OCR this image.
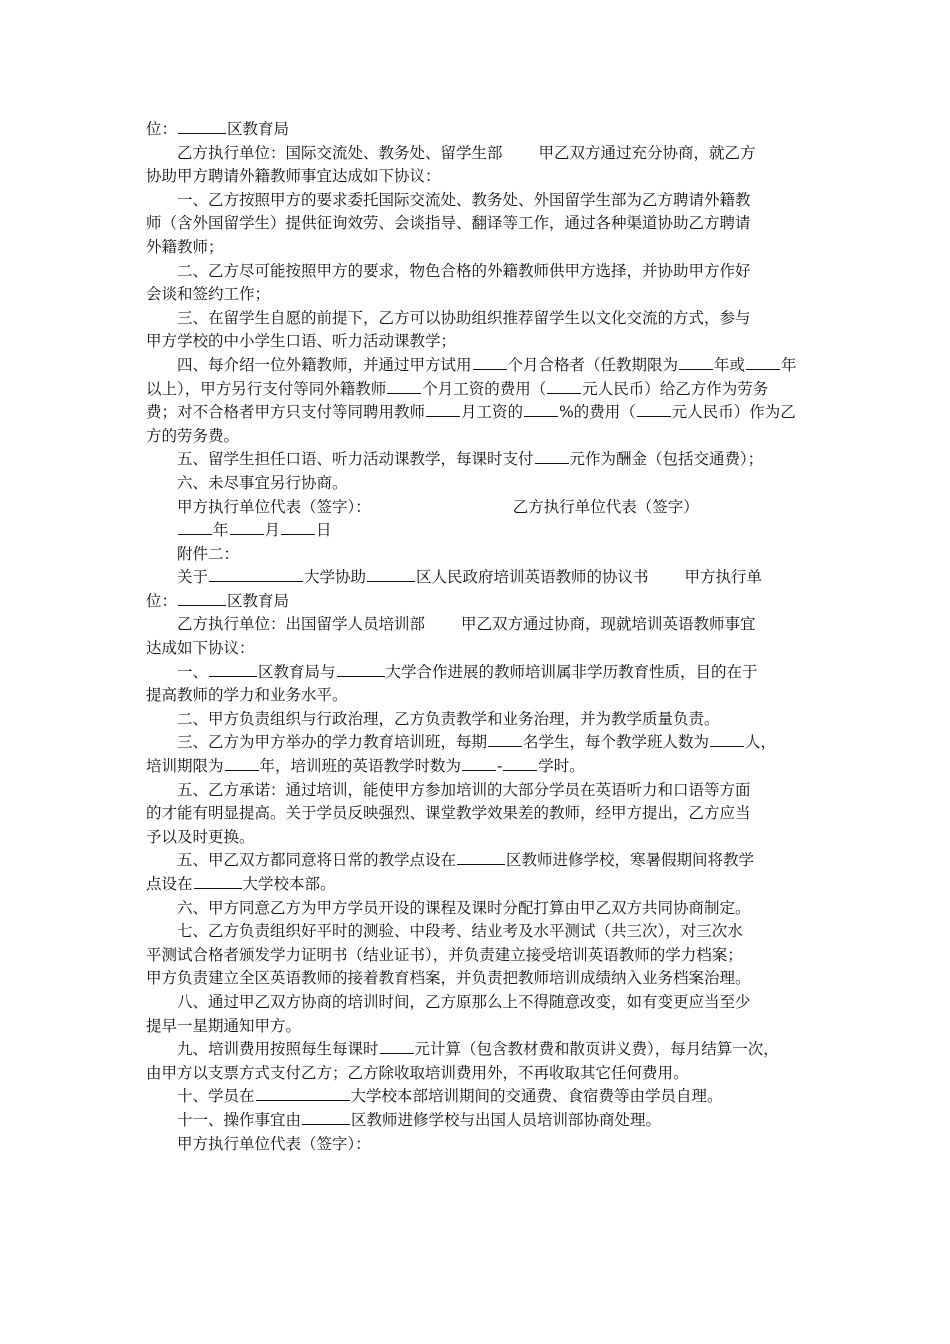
位：	区教育局
乙方执行单位：国际交流处、教务处、留学生部 甲乙双方通过充分协商，就乙方
协助甲方聘请外籍教师事宜达成如下协议：
一、乙方按照甲方的要求委托国际交流处、教务处、外国留学生部为乙方聘请外籍教
师（含外国留学生）提供征询效劳、会谈指导、翻译等工作，通过各种渠道协助乙方聘请
外籍教师；
二、乙方尽可能按照甲方的要求，物色合格的外籍教师供甲方选择，并协助甲方作好
会谈和签约工作；
三、在留学生自愿的前提下，乙方可以协助组织推荐留学生以文化交流的方式，参与
甲方学校的中小学生口语、听力活动课教学；
四、每介绍一位外籍教师，并通过甲方试用 个月合格者（任教期限为 年或 年
以上），甲方另行支付等同外籍教师 个月工资的费用（ 元人民币）给乙方作为劳务
费；对不合格者甲方只支付等同聘用教师 月工资的 %的费用（ 元人民币）作为乙
方的劳务费。
五、留学生担任口语、听力活动课教学，每课时支付 元作为酬金（包括交通费）；
六、未尽事宜另行协商。
甲方执行单位代表（签字）：	乙方执行单位代表（签字）
年 月 日
附件二：
关于	大学协助	区人民政府培训英语教师的协议书 甲方执行单
位：	区教育局
乙方执行单位：出国留学人员培训部 甲乙双方通过协商，现就培训英语教师事宜
达成如下协议：
一、	区教育局与	大学合作进展的教师培训属非学历教育性质，目的在于
提高教师的学力和业务水平。
二、甲方负责组织与行政治理，乙方负责教学和业务治理，并为教学质量负责。
三、乙方为甲方举办的学力教育培训班，每期 名学生，每个教学班人数为 人，
培训期限为 年，培训班的英语教学时数为 - 学时。
五、乙方承诺：通过培训，能使甲方参加培训的大部分学员在英语听力和口语等方面
的才能有明显提高。关于学员反映强烈、课堂教学效果差的教师，经甲方提出，乙方应当
予以及时更换。
五、甲乙双方都同意将日常的教学点设在	区教师进修学校，寒暑假期间将教学
点设在	大学校本部。
六、甲方同意乙方为甲方学员开设的课程及课时分配打算由甲乙双方共同协商制定。
七、乙方负责组织好平时的测验、中段考、结业考及水平测试（共三次），对三次水
平测试合格者颁发学力证明书（结业证书），并负责建立接受培训英语教师的学力档案；
甲方负责建立全区英语教师的接着教育档案，并负责把教师培训成绩纳入业务档案治理。
八、通过甲乙双方协商的培训时间，乙方原那么上不得随意改变，如有变更应当至少
提早一星期通知甲方。
九、培训费用按照每生每课时 元计算（包含教材费和散页讲义费），每月结算一次，
由甲方以支票方式支付乙方；乙方除收取培训费用外，不再收取其它任何费用。
十、学员在	大学校本部培训期间的交通费、食宿费等由学员自理。
十一、操作事宜由	区教师进修学校与出国人员培训部协商处理。
甲方执行单位代表（签字）：
